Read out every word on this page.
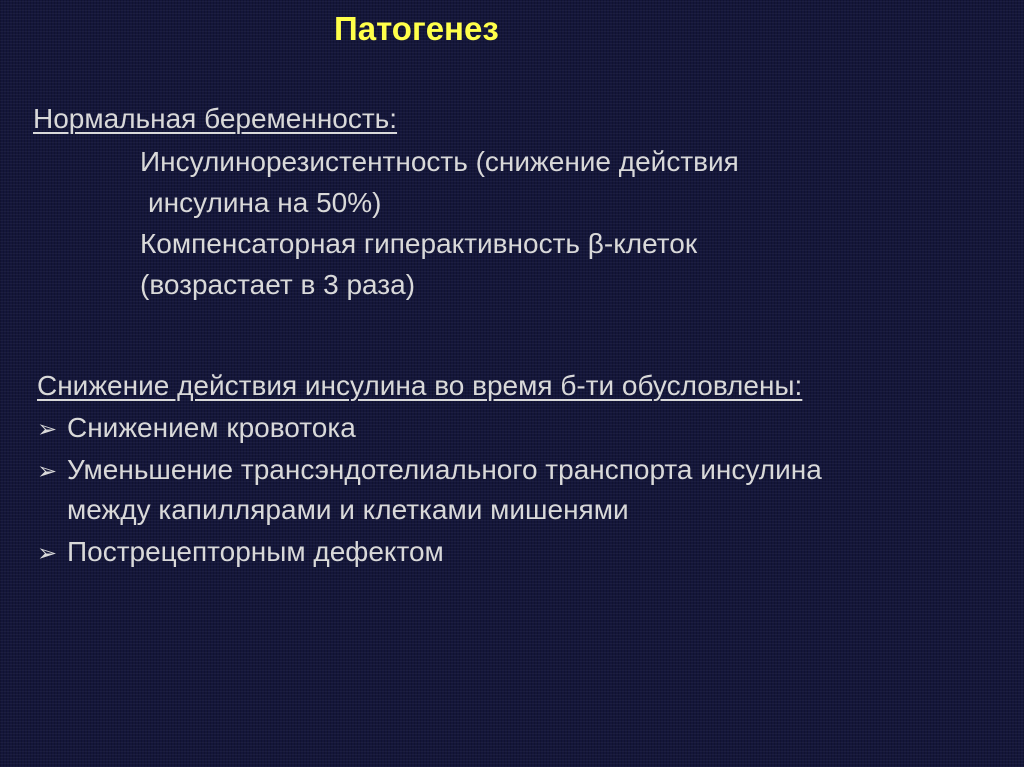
Патогенез
Нормальная беременность:
Инсулинорезистентность (снижение действия
инсулина на 50%)
Компенсаторная гиперактивность β-клеток
(возрастает в 3 раза)
Снижение действия инсулина во время б-ти обусловлены:
➢ Снижением кровотока
➢ Уменьшение трансэндотелиального транспорта инсулина
между капиллярами и клетками мишенями
➢ Пострецепторным дефектом
